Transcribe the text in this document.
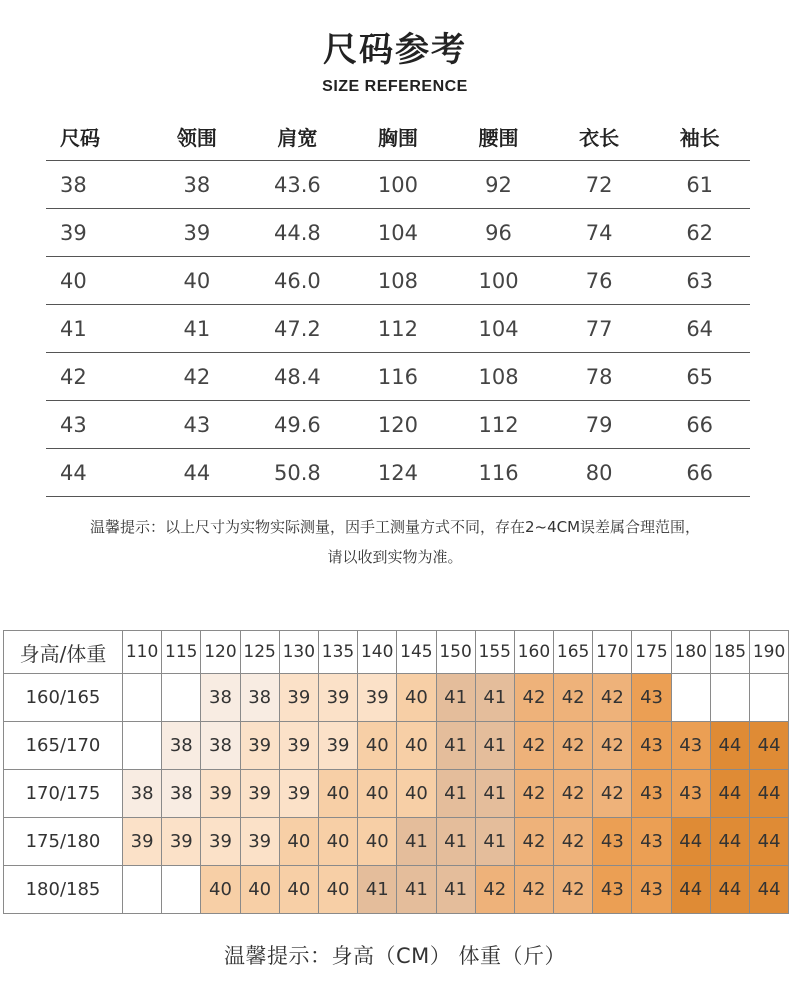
尺码参考
SIZE REFERENCE
尺码	领围	肩宽	胸围	腰围	衣长	袖长
38	38	43.6	100	92	72	61
39	39	44.8	104	96	74	62
40	40	46.0	108	100	76	63
41	41	47.2	112	104	77	64
42	42	48.4	116	108	78	65
43	43	49.6	120	112	79	66
44	44	50.8	124	116	80	66
温馨提示：以上尺寸为实物实际测量，因手工测量方式不同，存在2~4CM误差属合理范围，
请以收到实物为准。
身高/体重	110	115	120	125	130	135	140	145	150	155	160	165	170	175	180	185	190
160/165			38	38	39	39	39	40	41	41	42	42	42	43			
165/170		38	38	39	39	39	40	40	41	41	42	42	42	43	43	44	44
170/175	38	38	39	39	39	40	40	40	41	41	42	42	42	43	43	44	44
175/180	39	39	39	39	40	40	40	41	41	41	42	42	43	43	44	44	44
180/185			40	40	40	40	41	41	41	42	42	42	43	43	44	44	44
温馨提示：身高（CM） 体重（斤）
